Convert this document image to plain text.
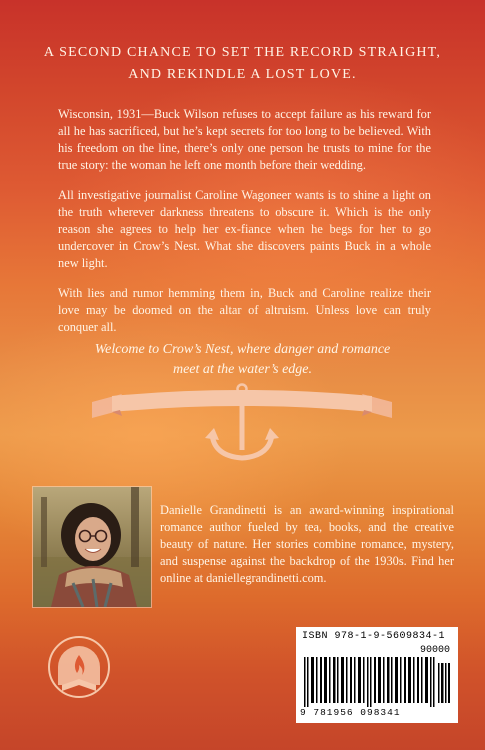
A SECOND CHANCE TO SET THE RECORD STRAIGHT,
AND REKINDLE A LOST LOVE.

Wisconsin, 1931—Buck Wilson refuses to accept failure as his reward for all he has sacrificed, but he’s kept secrets for too long to be believed. With his freedom on the line, there’s only one person he trusts to mine for the true story: the woman he left one month before their wedding.

All investigative journalist Caroline Wagoneer wants is to shine a light on the truth wherever darkness threatens to obscure it. Which is the only reason she agrees to help her ex-fiance when he begs for her to go undercover in Crow’s Nest. What she discovers paints Buck in a whole new light.

With lies and rumor hemming them in, Buck and Caroline realize their love may be doomed on the altar of altruism. Unless love can truly conquer all.

Welcome to Crow’s Nest, where danger and romance
meet at the water’s edge.
Danielle Grandinetti is an award-winning inspirational romance author fueled by tea, books, and the creative beauty of nature. Her stories combine romance, mystery, and suspense against the backdrop of the 1930s. Find her online at daniellegrandinetti.com.
ISBN 978-1-9-5609834-1
90000
9 781956 098341
